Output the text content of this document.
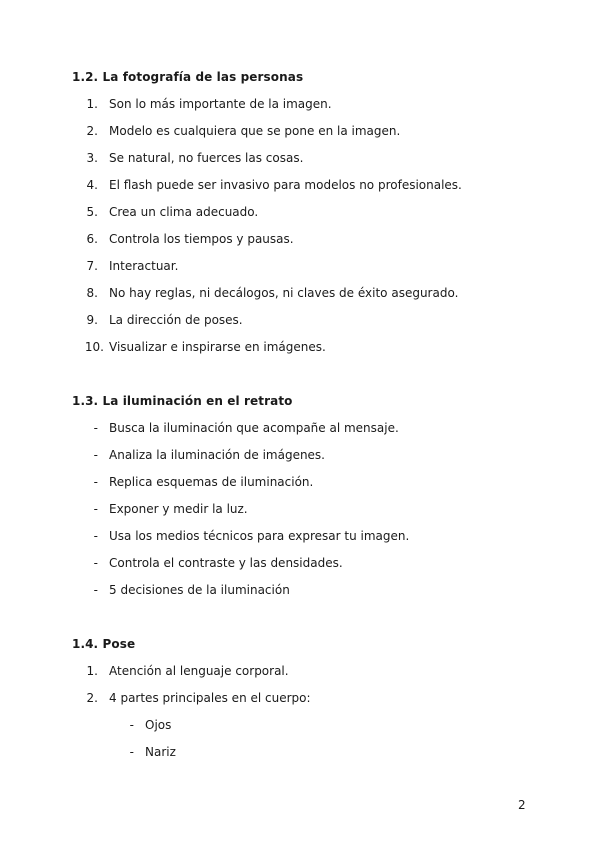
1.2. La fotografía de las personas
1. Son lo más importante de la imagen.
2. Modelo es cualquiera que se pone en la imagen.
3. Se natural, no fuerces las cosas.
4. El flash puede ser invasivo para modelos no profesionales.
5. Crea un clima adecuado.
6. Controla los tiempos y pausas.
7. Interactuar.
8. No hay reglas, ni decálogos, ni claves de éxito asegurado.
9. La dirección de poses.
10. Visualizar e inspirarse en imágenes.
1.3. La iluminación en el retrato
- Busca la iluminación que acompañe al mensaje.
- Analiza la iluminación de imágenes.
- Replica esquemas de iluminación.
- Exponer y medir la luz.
- Usa los medios técnicos para expresar tu imagen.
- Controla el contraste y las densidades.
- 5 decisiones de la iluminación
1.4. Pose
1. Atención al lenguaje corporal.
2. 4 partes principales en el cuerpo:
- Ojos
- Nariz
2
